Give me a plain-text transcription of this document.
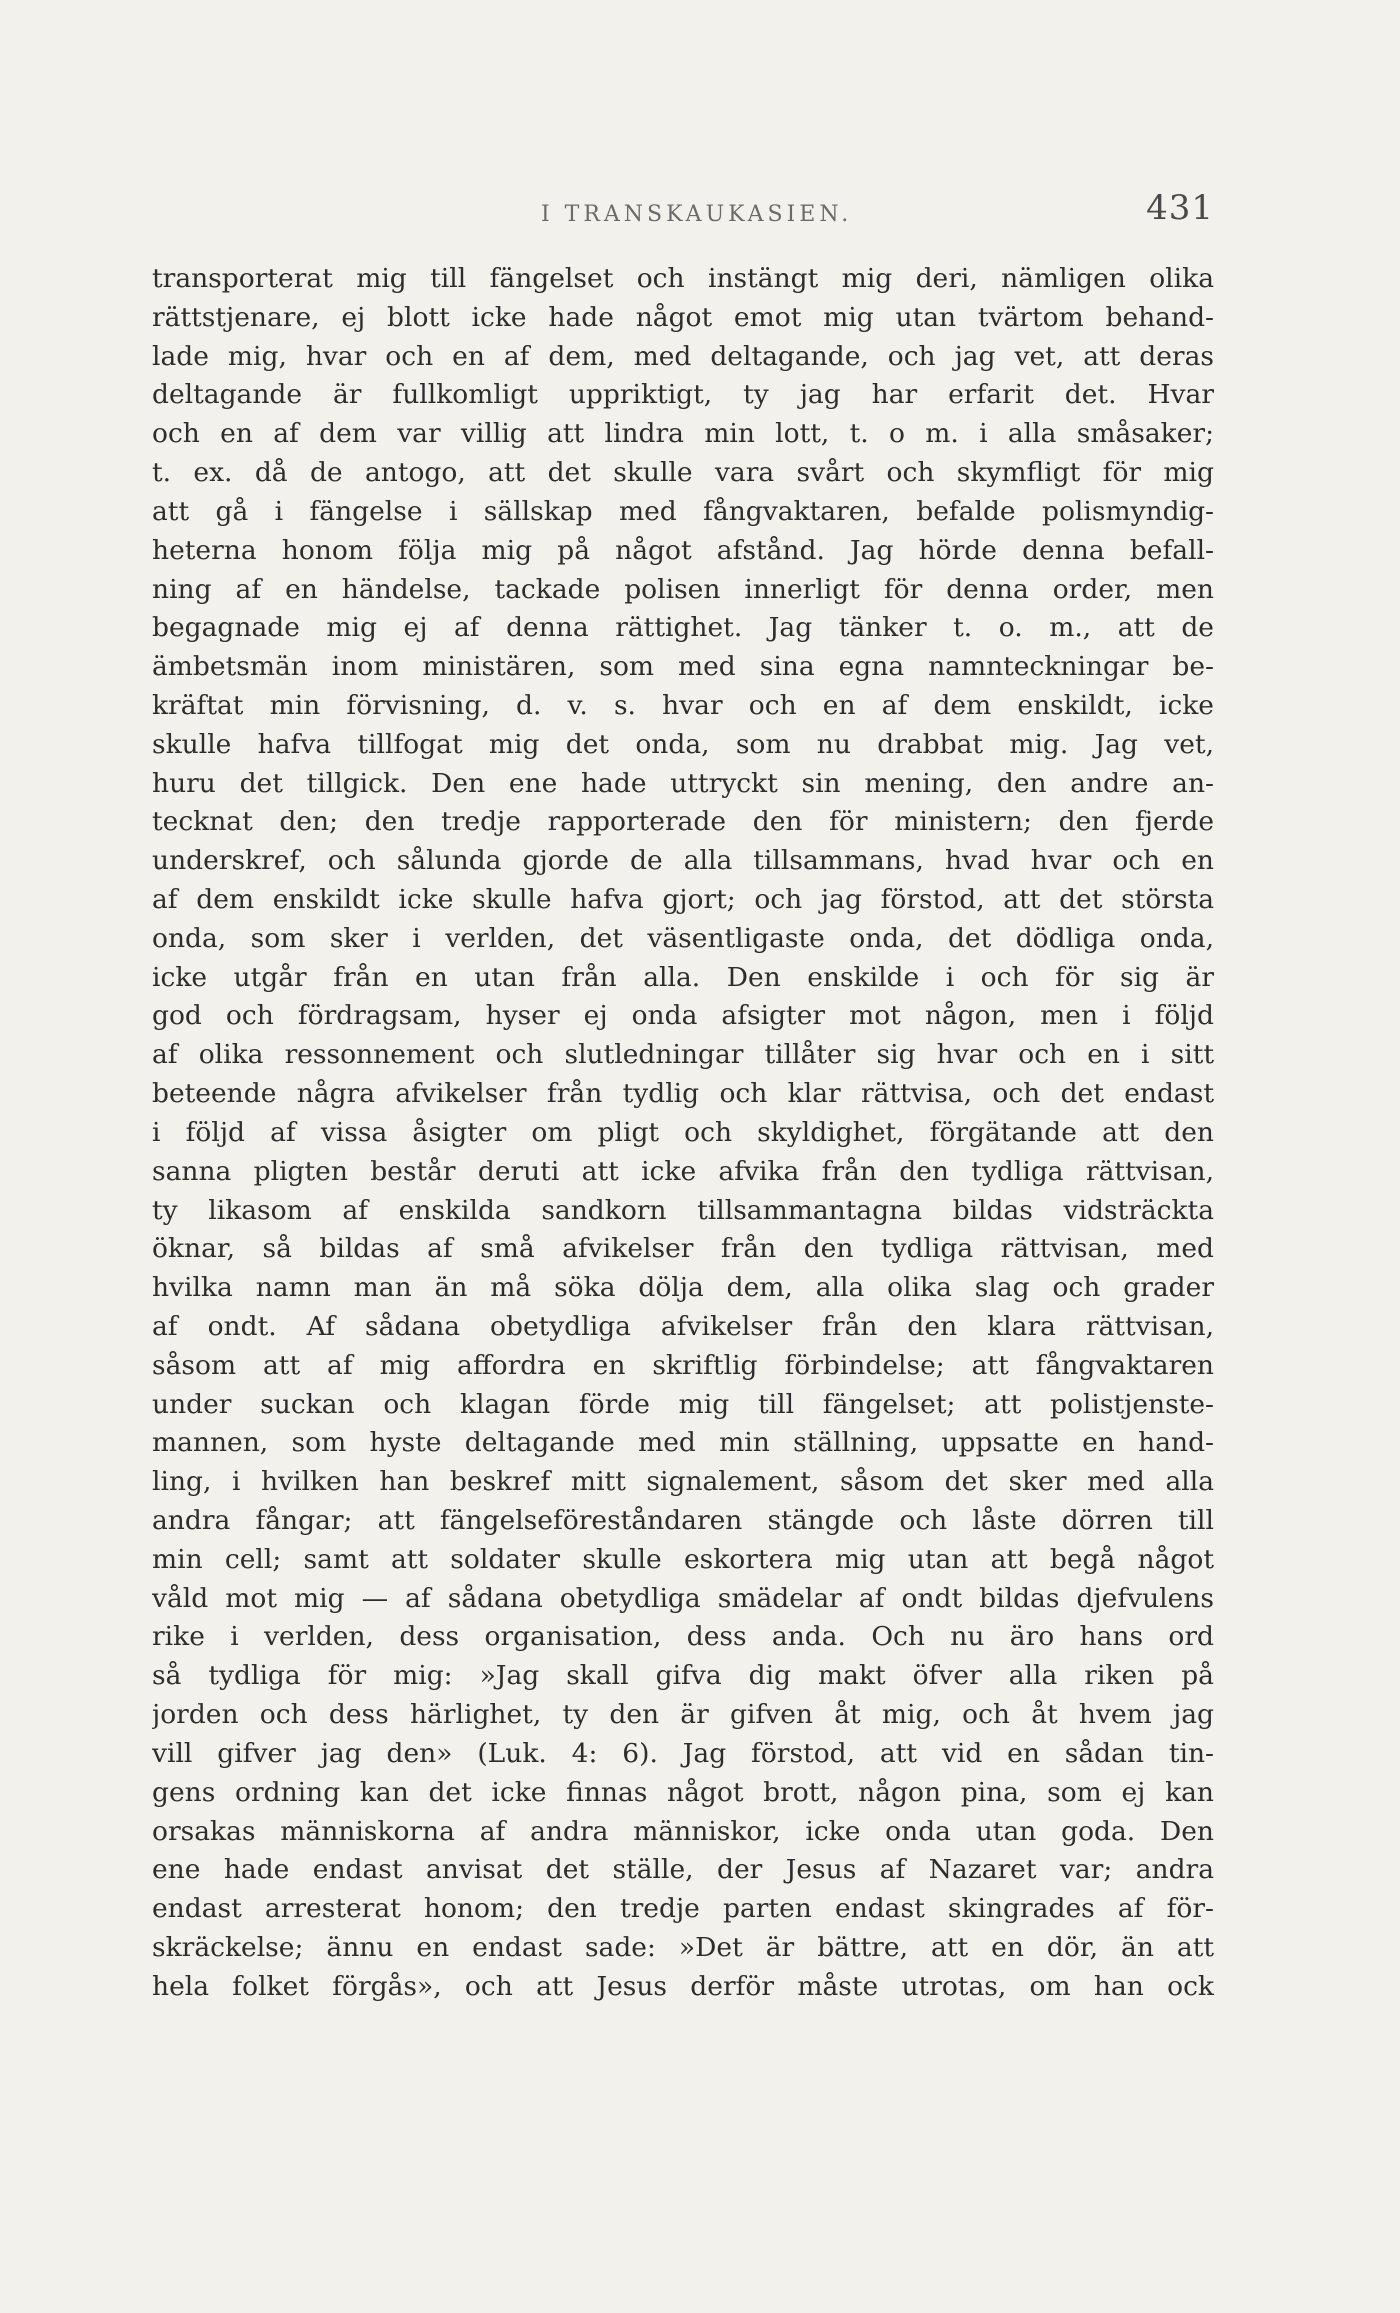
I TRANSKAUKASIEN.	431
transporterat mig till fängelset och instängt mig deri, nämligen olika
rättstjenare, ej blott icke hade något emot mig utan tvärtom behand-
lade mig, hvar och en af dem, med deltagande, och jag vet, att deras
deltagande är fullkomligt uppriktigt, ty jag har erfarit det. Hvar
och en af dem var villig att lindra min lott, t. o m. i alla småsaker;
t. ex. då de antogo, att det skulle vara svårt och skymfligt för mig
att gå i fängelse i sällskap med fångvaktaren, befalde polismyndig-
heterna honom följa mig på något afstånd. Jag hörde denna befall-
ning af en händelse, tackade polisen innerligt för denna order, men
begagnade mig ej af denna rättighet. Jag tänker t. o. m., att de
ämbetsmän inom ministären, som med sina egna namnteckningar be-
kräftat min förvisning, d. v. s. hvar och en af dem enskildt, icke
skulle hafva tillfogat mig det onda, som nu drabbat mig. Jag vet,
huru det tillgick. Den ene hade uttryckt sin mening, den andre an-
tecknat den; den tredje rapporterade den för ministern; den fjerde
underskref, och sålunda gjorde de alla tillsammans, hvad hvar och en
af dem enskildt icke skulle hafva gjort; och jag förstod, att det största
onda, som sker i verlden, det väsentligaste onda, det dödliga onda,
icke utgår från en utan från alla. Den enskilde i och för sig är
god och fördragsam, hyser ej onda afsigter mot någon, men i följd
af olika ressonnement och slutledningar tillåter sig hvar och en i sitt
beteende några afvikelser från tydlig och klar rättvisa, och det endast
i följd af vissa åsigter om pligt och skyldighet, förgätande att den
sanna pligten består deruti att icke afvika från den tydliga rättvisan,
ty likasom af enskilda sandkorn tillsammantagna bildas vidsträckta
öknar, så bildas af små afvikelser från den tydliga rättvisan, med
hvilka namn man än må söka dölja dem, alla olika slag och grader
af ondt. Af sådana obetydliga afvikelser från den klara rättvisan,
såsom att af mig affordra en skriftlig förbindelse; att fångvaktaren
under suckan och klagan förde mig till fängelset; att polistjenste-
mannen, som hyste deltagande med min ställning, uppsatte en hand-
ling, i hvilken han beskref mitt signalement, såsom det sker med alla
andra fångar; att fängelseföreståndaren stängde och låste dörren till
min cell; samt att soldater skulle eskortera mig utan att begå något
våld mot mig — af sådana obetydliga smädelar af ondt bildas djefvulens
rike i verlden, dess organisation, dess anda. Och nu äro hans ord
så tydliga för mig: »Jag skall gifva dig makt öfver alla riken på
jorden och dess härlighet, ty den är gifven åt mig, och åt hvem jag
vill gifver jag den» (Luk. 4: 6). Jag förstod, att vid en sådan tin-
gens ordning kan det icke finnas något brott, någon pina, som ej kan
orsakas människorna af andra människor, icke onda utan goda. Den
ene hade endast anvisat det ställe, der Jesus af Nazaret var; andra
endast arresterat honom; den tredje parten endast skingrades af för-
skräckelse; ännu en endast sade: »Det är bättre, att en dör, än att
hela folket förgås», och att Jesus derför måste utrotas, om han ock
